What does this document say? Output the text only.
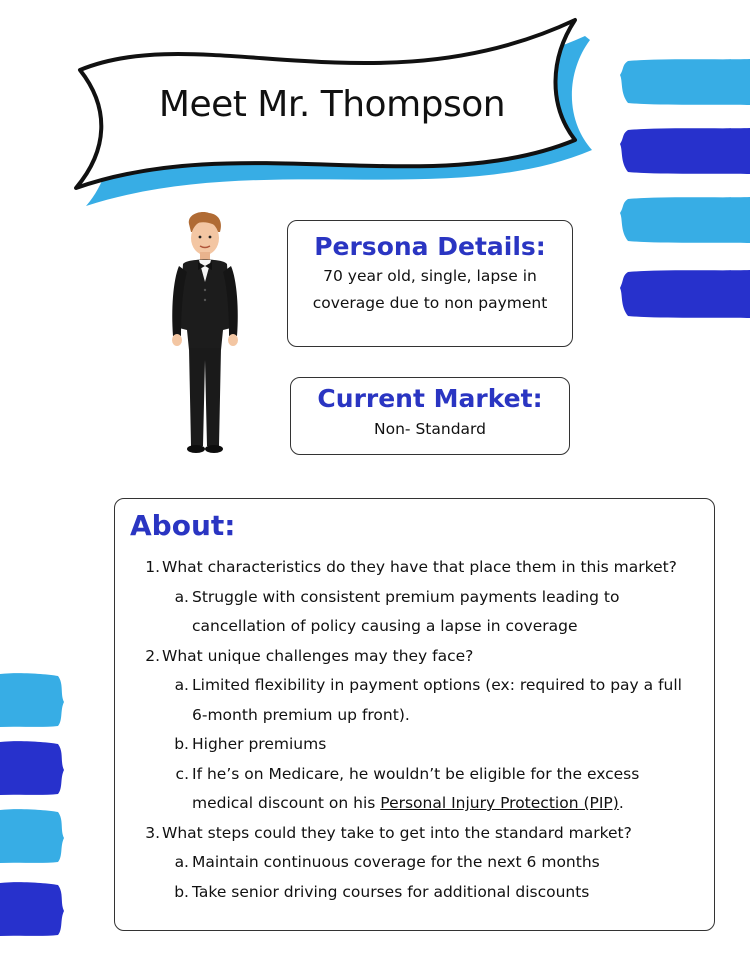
Meet Mr. Thompson
Persona Details:
70 year old, single, lapse in coverage due to non payment
Current Market:
Non- Standard
About:
1. What characteristics do they have that place them in this market?
a. Struggle with consistent premium payments leading to
cancellation of policy causing a lapse in coverage
2. What unique challenges may they face?
a. Limited flexibility in payment options (ex: required to pay a full
6-month premium up front).
b. Higher premiums
c. If he’s on Medicare, he wouldn’t be eligible for the excess
medical discount on his Personal Injury Protection (PIP).
3. What steps could they take to get into the standard market?
a. Maintain continuous coverage for the next 6 months
b. Take senior driving courses for additional discounts
